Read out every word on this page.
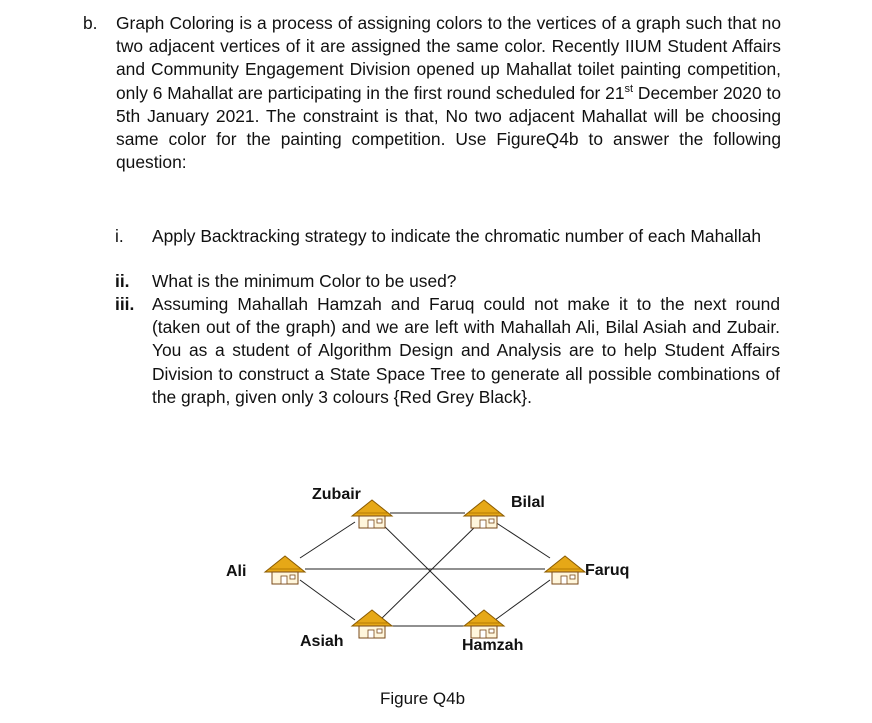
b. Graph Coloring is a process of assigning colors to the vertices of a graph such that no two adjacent vertices of it are assigned the same color. Recently IIUM Student Affairs and Community Engagement Division opened up Mahallat toilet painting competition, only 6 Mahallat are participating in the first round scheduled for 21st December 2020 to 5th January 2021. The constraint is that, No two adjacent Mahallat will be choosing same color for the painting competition. Use FigureQ4b to answer the following question:
i. Apply Backtracking strategy to indicate the chromatic number of each Mahallah
ii. What is the minimum Color to be used?
iii. Assuming Mahallah Hamzah and Faruq could not make it to the next round (taken out of the graph) and we are left with Mahallah Ali, Bilal Asiah and Zubair. You as a student of Algorithm Design and Analysis are to help Student Affairs Division to construct a State Space Tree to generate all possible combinations of the graph, given only 3 colours {Red Grey Black}.
Zubair	Bilal
Ali	Faruq
Asiah	Hamzah
Figure Q4b
